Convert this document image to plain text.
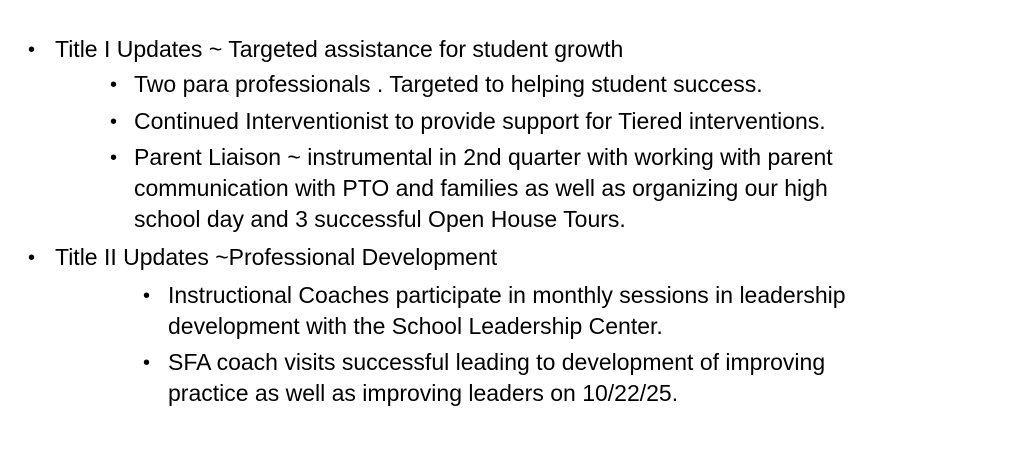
• Title I Updates ~ Targeted assistance for student growth
• Two para professionals . Targeted to helping student success.
• Continued Interventionist to provide support for Tiered interventions.
• Parent Liaison ~ instrumental in 2nd quarter with working with parent
communication with PTO and families as well as organizing our high
school day and 3 successful Open House Tours.
• Title II Updates ~Professional Development
• Instructional Coaches participate in monthly sessions in leadership
development with the School Leadership Center.
• SFA coach visits successful leading to development of improving
practice as well as improving leaders on 10/22/25.
